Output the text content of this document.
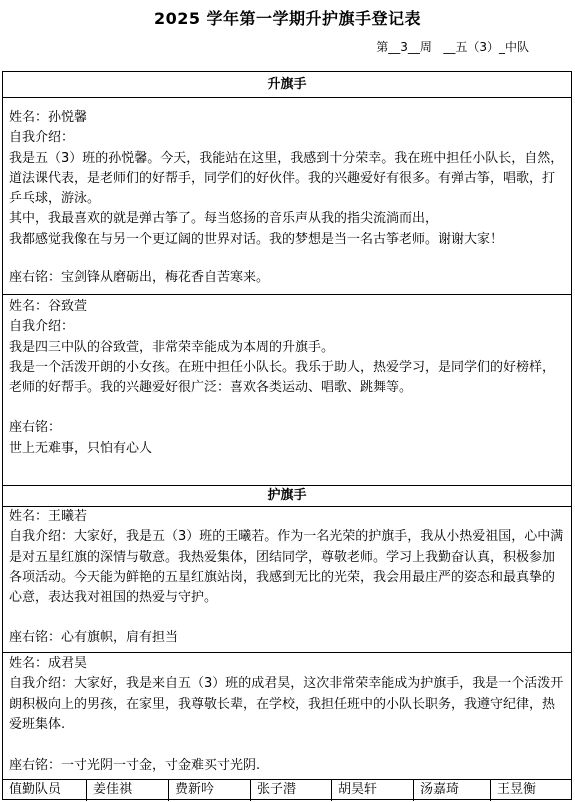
2025 学年第一学期升护旗手登记表
第__3__周   __五（3）_中队
升旗手

姓名：孙悦馨

自我介绍：

我是五（3）班的孙悦馨。今天，我能站在这里，我感到十分荣幸。我在班中担任小队长，自然，道法课代表，是老师们的好帮手，同学们的好伙伴。我的兴趣爱好有很多。有弹古筝，唱歌，打乒乓球，游泳。
其中，我最喜欢的就是弹古筝了。每当悠扬的音乐声从我的指尖流淌而出，
我都感觉我像在与另一个更辽阔的世界对话。我的梦想是当一名古筝老师。谢谢大家！

座右铭：宝剑锋从磨砺出，梅花香自苦寒来。

姓名：谷致萱

自我介绍：

我是四三中队的谷致萱，非常荣幸能成为本周的升旗手。
我是一个活泼开朗的小女孩。在班中担任小队长。我乐于助人，热爱学习，是同学们的好榜样，老师的好帮手。我的兴趣爱好很广泛：喜欢各类运动、唱歌、跳舞等。

座右铭：

世上无难事，只怕有心人

护旗手

姓名：王曦若

自我介绍：大家好，我是五（3）班的王曦若。作为一名光荣的护旗手，我从小热爱祖国，心中满是对五星红旗的深情与敬意。我热爱集体，团结同学，尊敬老师。学习上我勤奋认真，积极参加各项活动。今天能为鲜艳的五星红旗站岗，我感到无比的光荣，我会用最庄严的姿态和最真挚的心意，表达我对祖国的热爱与守护。

座右铭：心有旗帜，肩有担当

姓名：成君昊

自我介绍：大家好，我是来自五（3）班的成君昊，这次非常荣幸能成为护旗手，我是一个活泼开朗积极向上的男孩，在家里，我尊敬长辈，在学校，我担任班中的小队长职务，我遵守纪律，热爱班集体.

座右铭：一寸光阴一寸金，寸金难买寸光阴.

值勤队员	姜佳祺	费新吟	张子潜	胡昊轩	汤嘉琦	王昱衡
